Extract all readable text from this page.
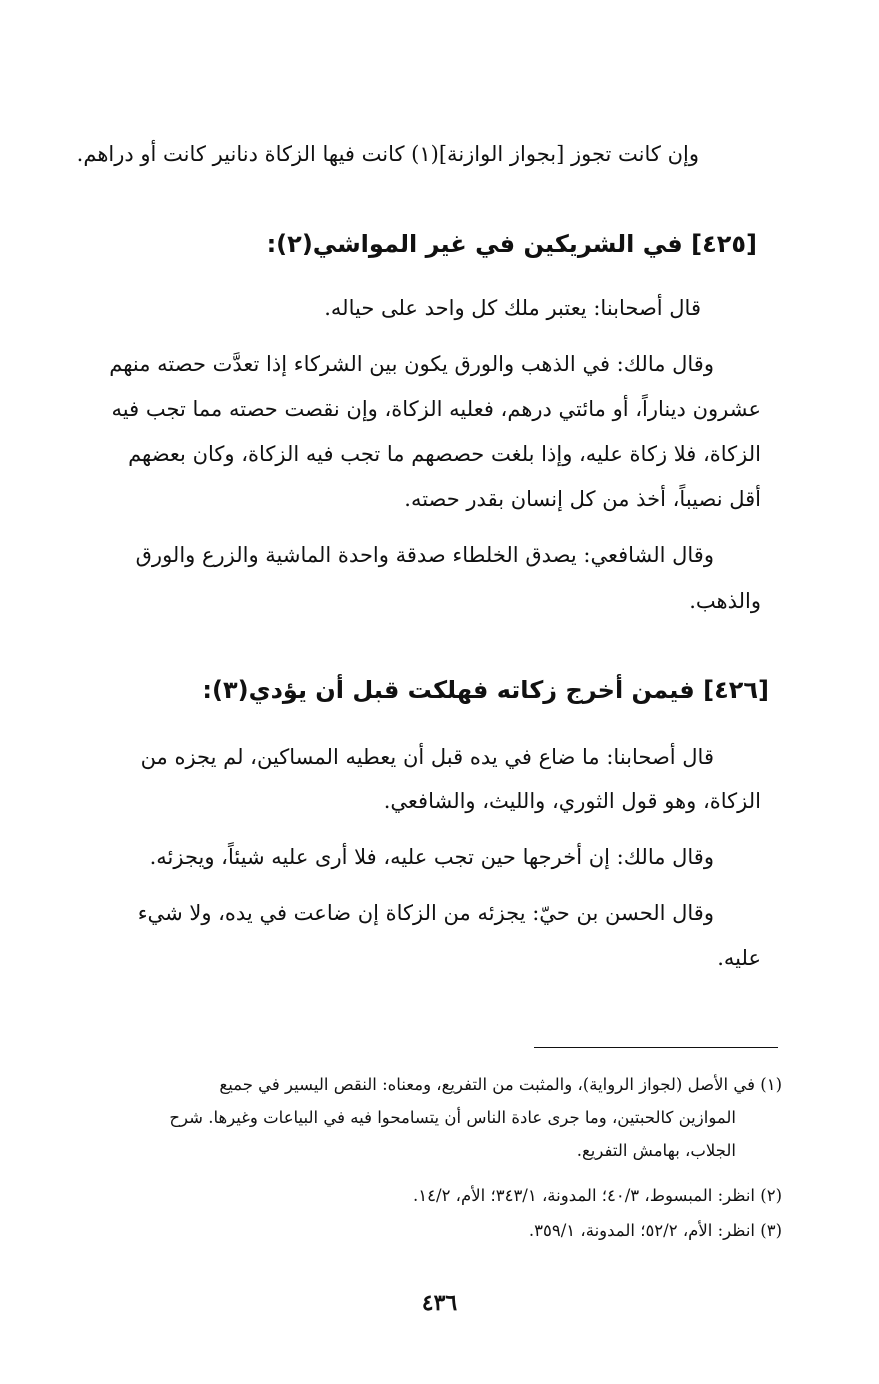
وإن كانت تجوز [بجواز الوازنة](١) كانت فيها الزكاة دنانير كانت أو دراهم.
[٤٢٥] في الشريكين في غير المواشي(٢):
قال أصحابنا: يعتبر ملك كل واحد على حياله.
وقال مالك: في الذهب والورق يكون بين الشركاء إذا تعدَّت حصته منهم
عشرون ديناراً، أو مائتي درهم، فعليه الزكاة، وإن نقصت حصته مما تجب فيه
الزكاة، فلا زكاة عليه، وإذا بلغت حصصهم ما تجب فيه الزكاة، وكان بعضهم
أقل نصيباً، أخذ من كل إنسان بقدر حصته.
وقال الشافعي: يصدق الخلطاء صدقة واحدة الماشية والزرع والورق
والذهب.
[٤٢٦] فيمن أخرج زكاته فهلكت قبل أن يؤدي(٣):
قال أصحابنا: ما ضاع في يده قبل أن يعطيه المساكين، لم يجزه من
الزكاة، وهو قول الثوري، والليث، والشافعي.
وقال مالك: إن أخرجها حين تجب عليه، فلا أرى عليه شيئاً، ويجزئه.
وقال الحسن بن حيّ: يجزئه من الزكاة إن ضاعت في يده، ولا شيء
عليه.
(١) في الأصل (لجواز الرواية)، والمثبت من التفريع، ومعناه: النقص اليسير في جميع
الموازين كالحبتين، وما جرى عادة الناس أن يتسامحوا فيه في البياعات وغيرها. شرح
الجلاب، بهامش التفريع.
(٢) انظر: المبسوط، ٤٠/٣؛ المدونة، ٣٤٣/١؛ الأم، ١٤/٢.
(٣) انظر: الأم، ٥٢/٢؛ المدونة، ٣٥٩/١.
٤٣٦
